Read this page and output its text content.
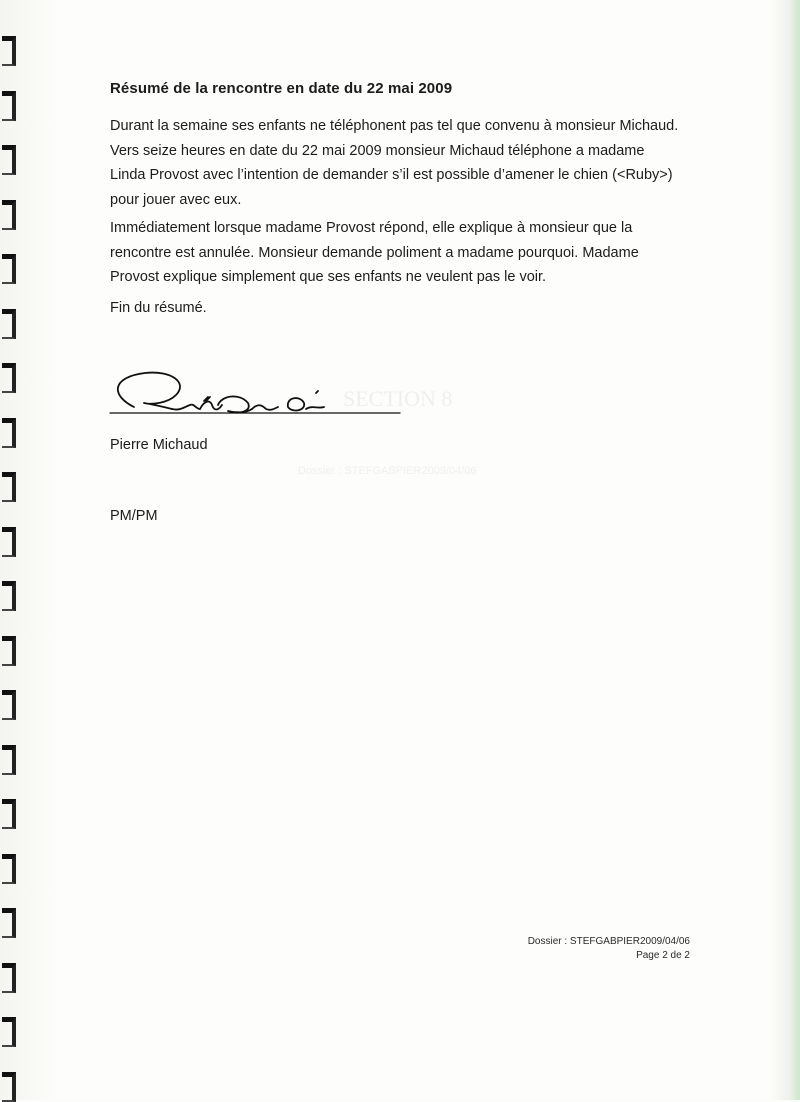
SECTION 8
Dossier : STEFGABPIER2009/04/06
Résumé de la rencontre en date du 22 mai 2009

Durant la semaine ses enfants ne téléphonent pas tel que convenu à monsieur Michaud.
Vers seize heures en date du 22 mai 2009 monsieur Michaud téléphone a madame
Linda Provost avec l’intention de demander s’il est possible d’amener le chien (<Ruby>)
pour jouer avec eux.

Immédiatement lorsque madame Provost répond, elle explique à monsieur que la
rencontre est annulée. Monsieur demande poliment a madame pourquoi. Madame
Provost explique simplement que ses enfants ne veulent pas le voir.

Fin du résumé.

Pierre Michaud
PM/PM
Dossier : STEFGABPIER2009/04/06
Page 2 de 2
